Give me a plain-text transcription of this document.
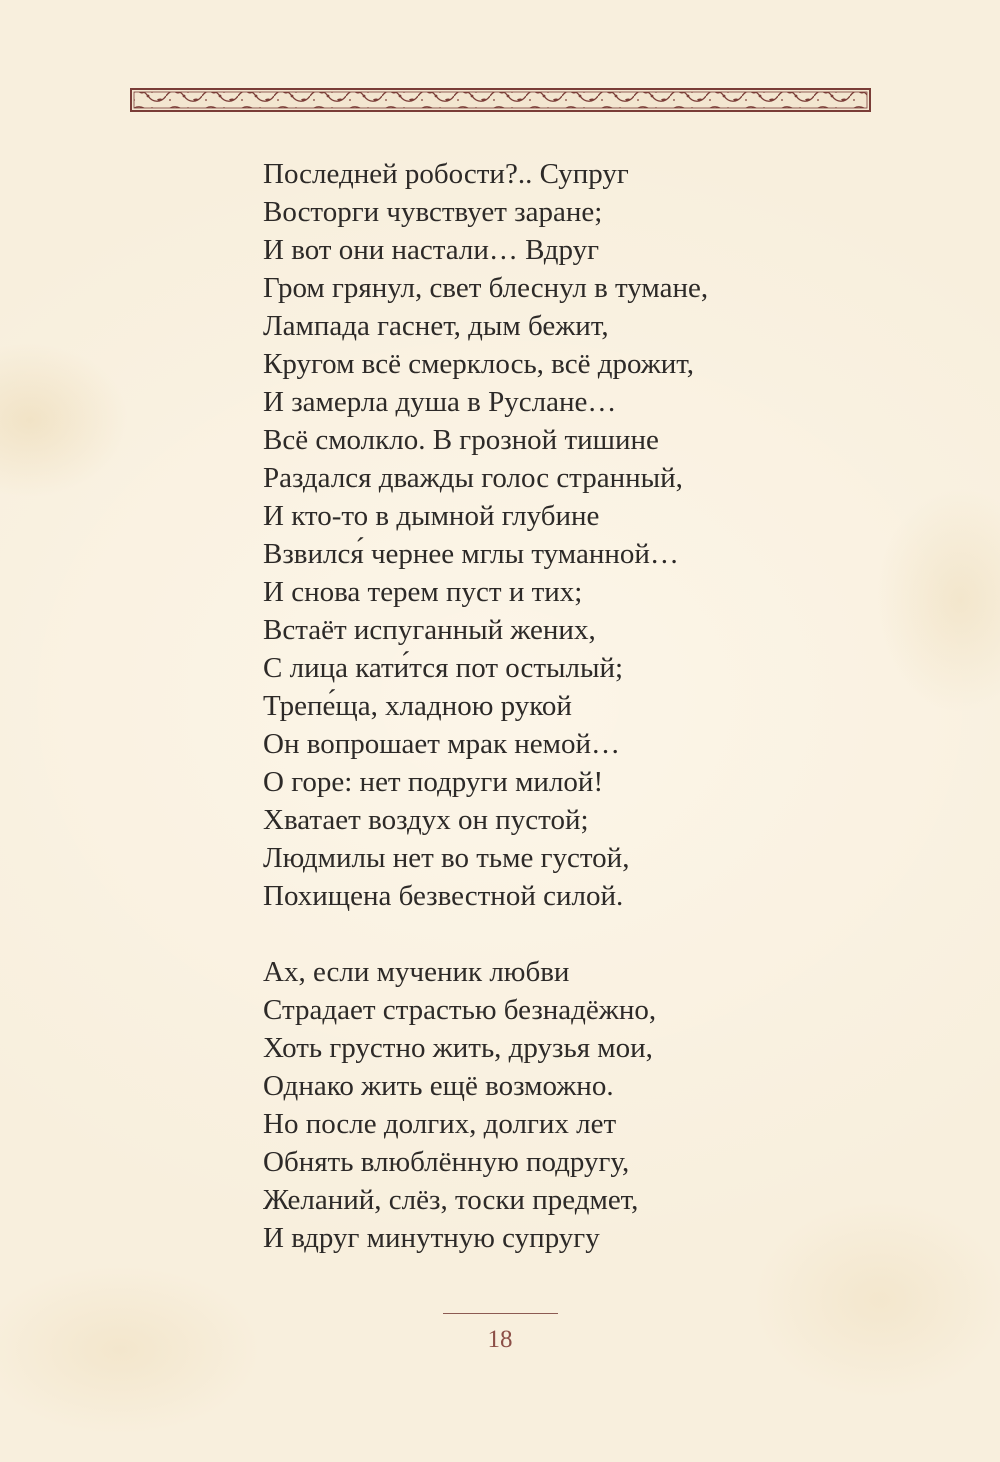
Последней робости?.. Супруг
Восторги чувствует заране;
И вот они настали… Вдруг
Гром грянул, свет блеснул в тумане,
Лампада гаснет, дым бежит,
Кругом всё смерклось, всё дрожит,
И замерла душа в Руслане…
Всё смолкло. В грозной тишине
Раздался дважды голос странный,
И кто-то в дымной глубине
Взвился́ чернее мглы туманной…
И снова терем пуст и тих;
Встаёт испуганный жених,
С лица кати́тся пот остылый;
Трепе́ща, хладною рукой
Он вопрошает мрак немой…
О горе: нет подруги милой!
Хватает воздух он пустой;
Людмилы нет во тьме густой,
Похищена безвестной силой.
Ах, если мученик любви
Страдает страстью безнадёжно,
Хоть грустно жить, друзья мои,
Однако жить ещё возможно.
Но после долгих, долгих лет
Обнять влюблённую подругу,
Желаний, слёз, тоски предмет,
И вдруг минутную супругу
18
